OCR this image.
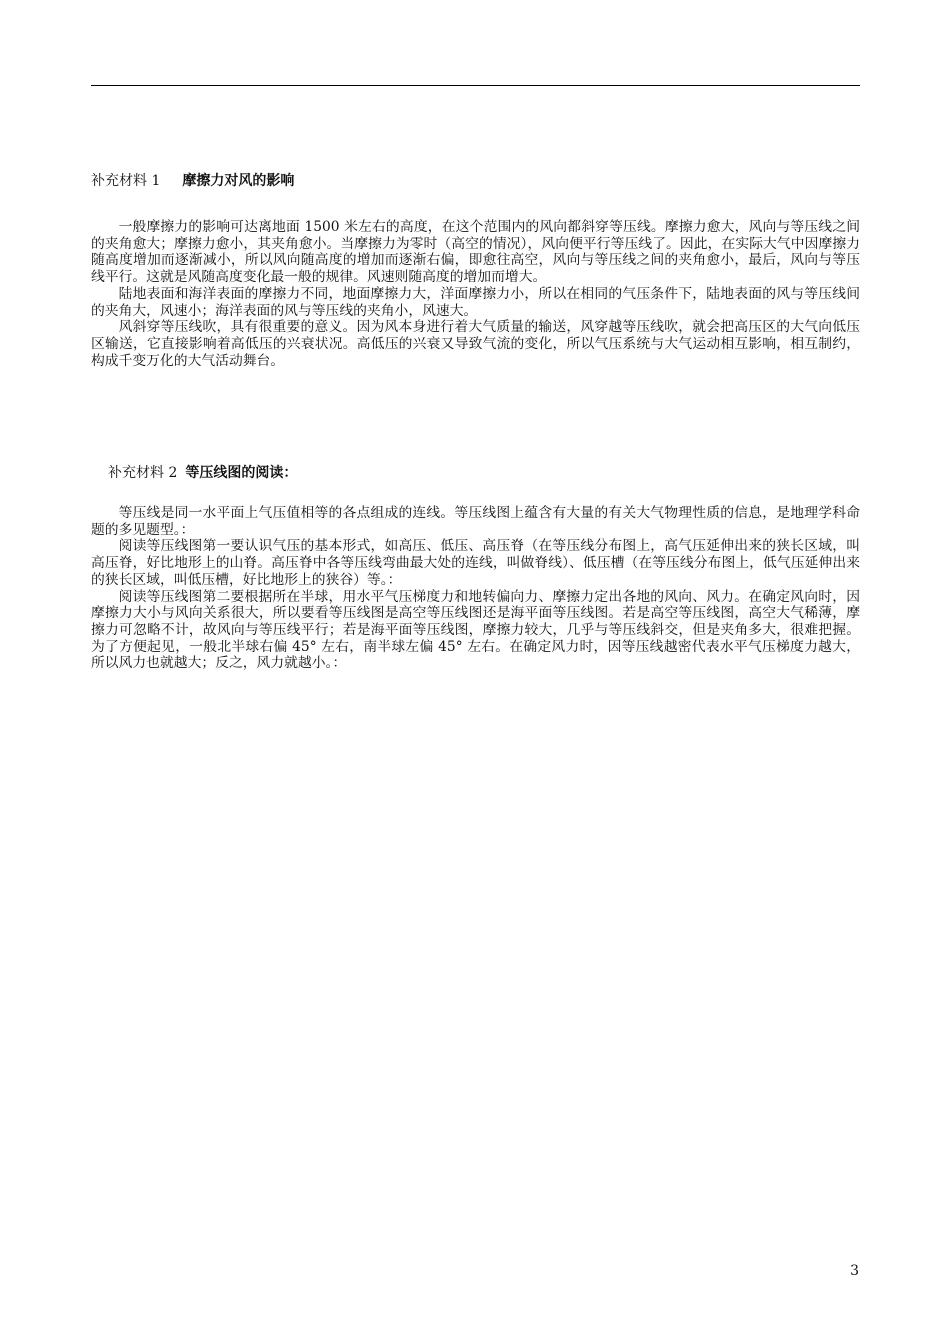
补充材料 1 摩擦力对风的影响

一般摩擦力的影响可达离地面 1500 米左右的高度，在这个范围内的风向都斜穿等压线。摩擦力愈大，风向与等压线之间的夹角愈大；摩擦力愈小，其夹角愈小。当摩擦力为零时（高空的情况），风向便平行等压线了。因此，在实际大气中因摩擦力随高度增加而逐渐减小，所以风向随高度的增加而逐渐右偏，即愈往高空，风向与等压线之间的夹角愈小，最后，风向与等压线平行。这就是风随高度变化最一般的规律。风速则随高度的增加而增大。

陆地表面和海洋表面的摩擦力不同，地面摩擦力大，洋面摩擦力小，所以在相同的气压条件下，陆地表面的风与等压线间的夹角大，风速小；海洋表面的风与等压线的夹角小，风速大。

风斜穿等压线吹，具有很重要的意义。因为风本身进行着大气质量的输送，风穿越等压线吹，就会把高压区的大气向低压区输送，它直接影响着高低压的兴衰状况。高低压的兴衰又导致气流的变化，所以气压系统与大气运动相互影响，相互制约，构成千变万化的大气活动舞台。

补充材料 2 等压线图的阅读：

等压线是同一水平面上气压值相等的各点组成的连线。等压线图上蕴含有大量的有关大气物理性质的信息，是地理学科命题的多见题型。：

阅读等压线图第一要认识气压的基本形式，如高压、低压、高压脊（在等压线分布图上，高气压延伸出来的狭长区域，叫高压脊，好比地形上的山脊。高压脊中各等压线弯曲最大处的连线，叫做脊线）、低压槽（在等压线分布图上，低气压延伸出来的狭长区域，叫低压槽，好比地形上的狭谷）等。：

阅读等压线图第二要根据所在半球，用水平气压梯度力和地转偏向力、摩擦力定出各地的风向、风力。在确定风向时，因摩擦力大小与风向关系很大，所以要看等压线图是高空等压线图还是海平面等压线图。若是高空等压线图，高空大气稀薄，摩擦力可忽略不计，故风向与等压线平行；若是海平面等压线图，摩擦力较大，几乎与等压线斜交，但是夹角多大，很难把握。为了方便起见，一般北半球右偏 45° 左右，南半球左偏 45° 左右。在确定风力时，因等压线越密代表水平气压梯度力越大，所以风力也就越大；反之，风力就越小。：

3
